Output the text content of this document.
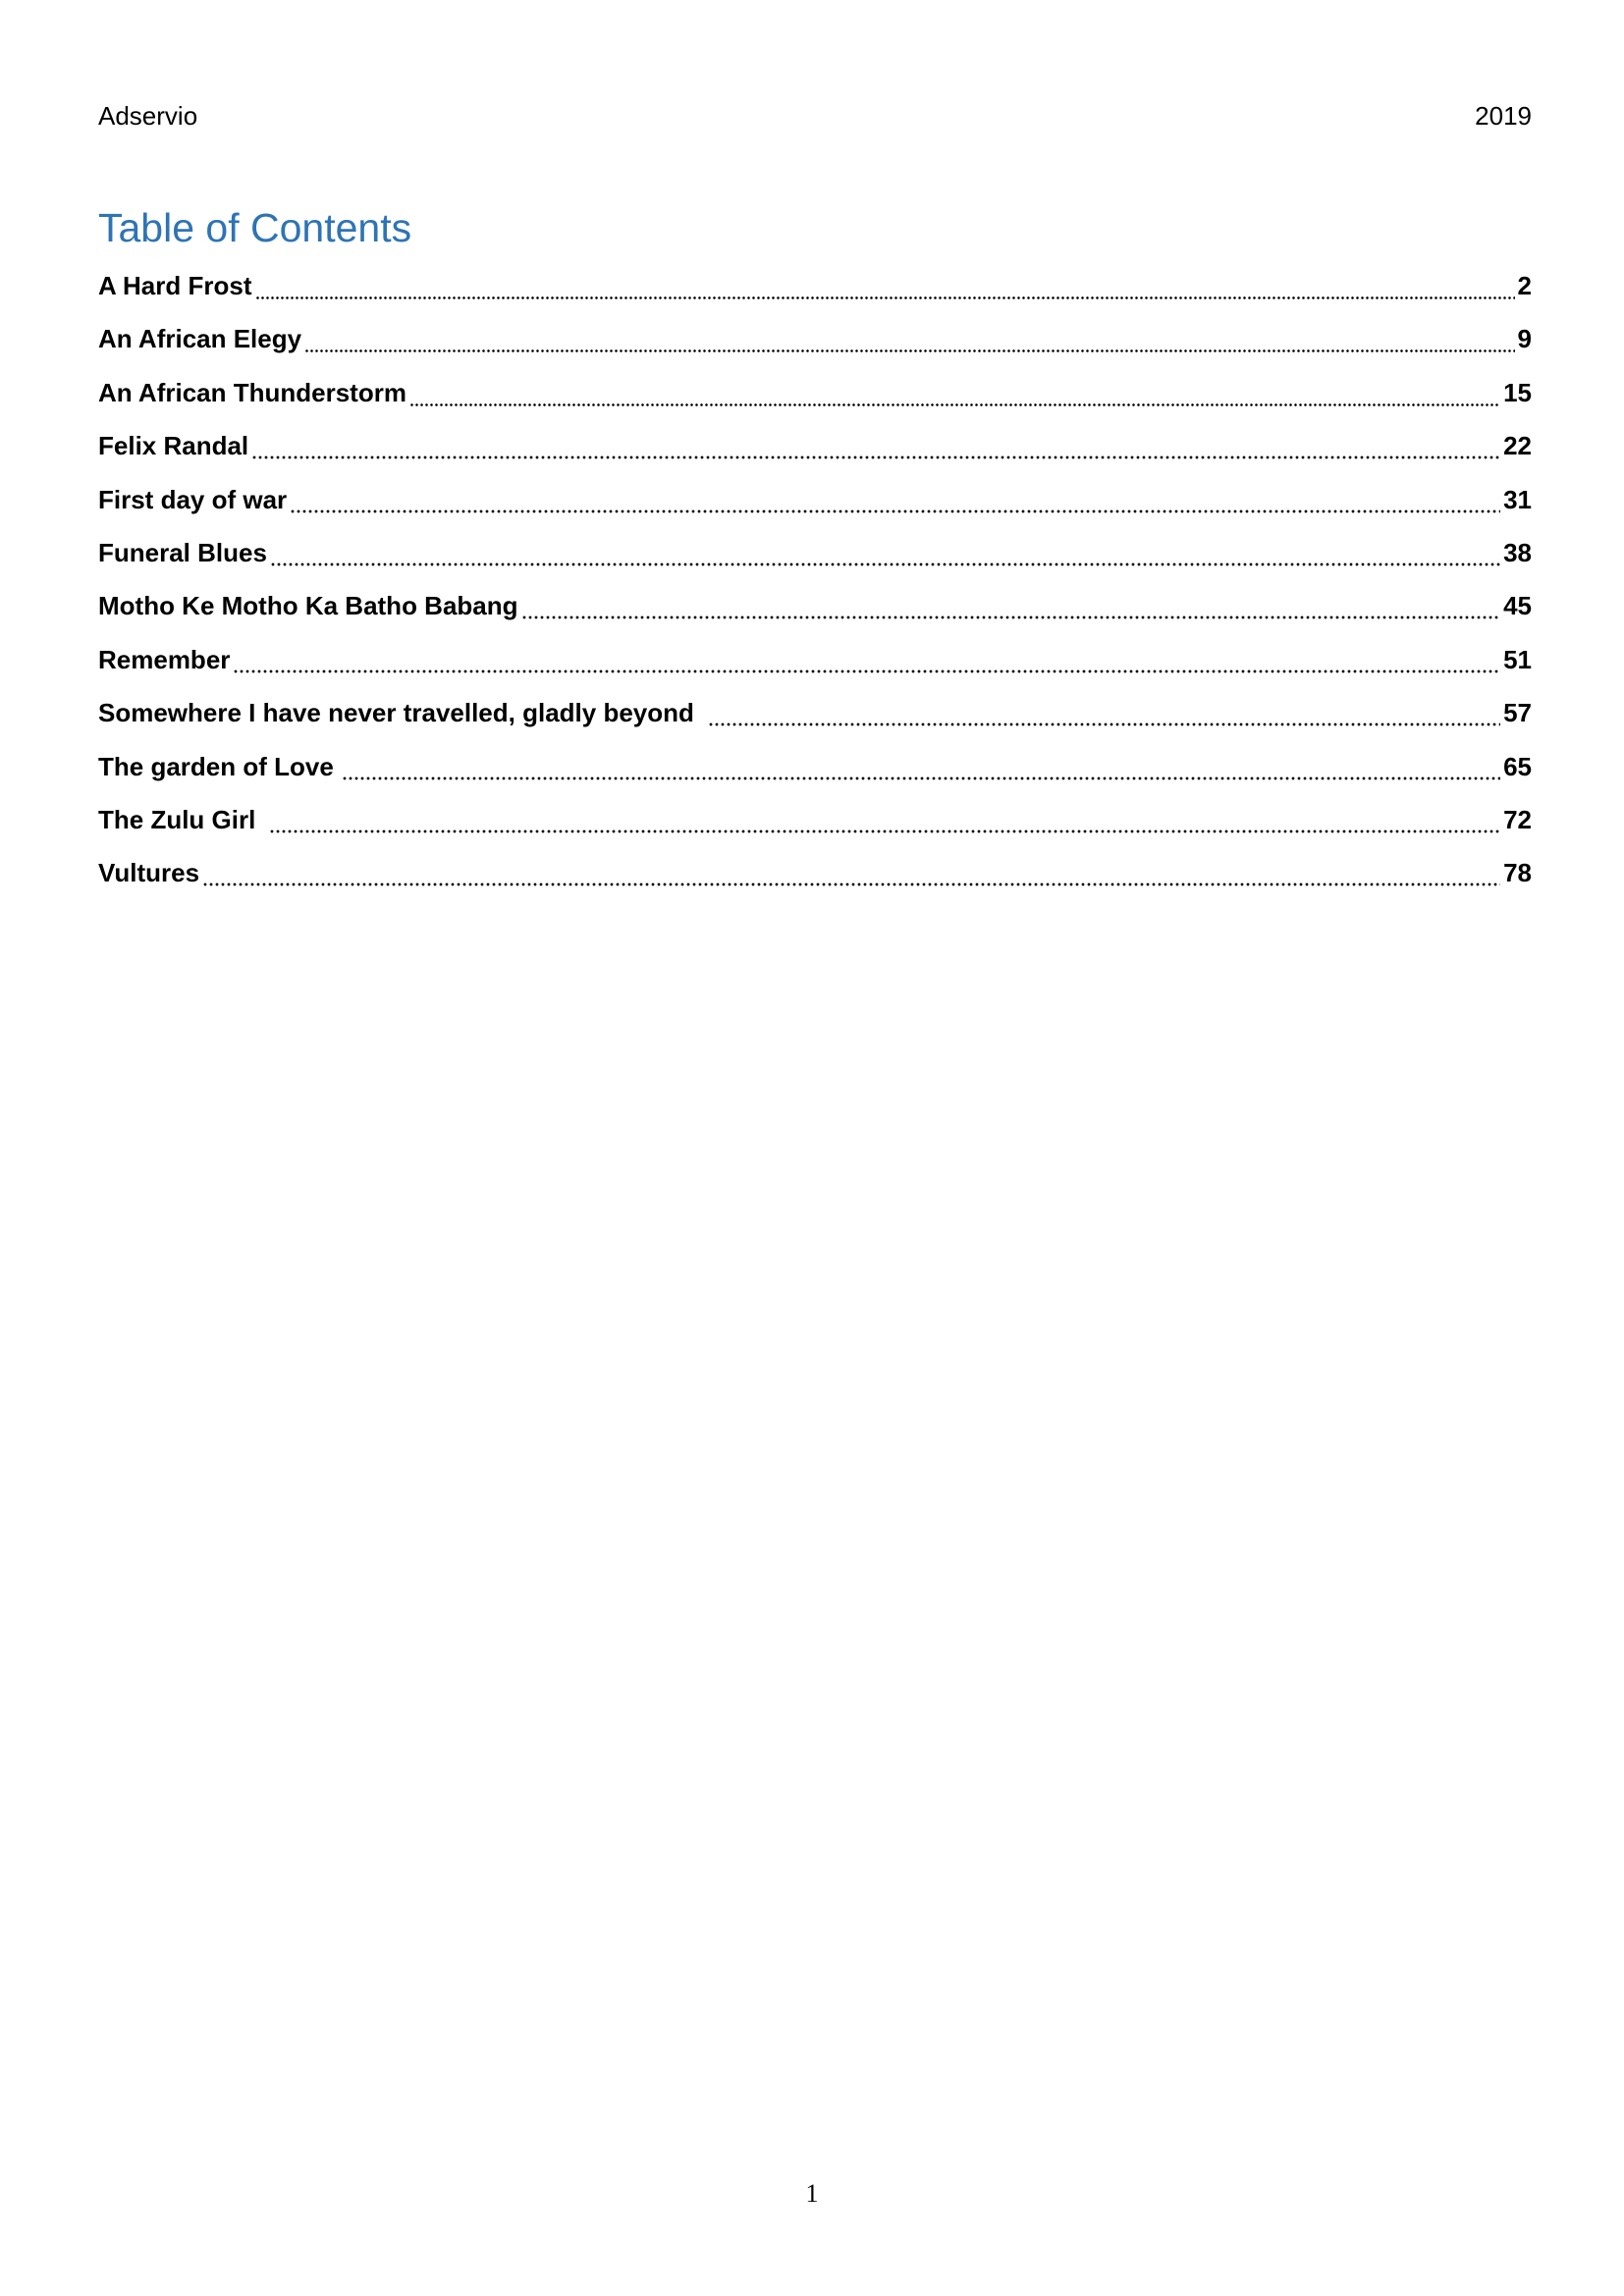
Adservio	2019
Table of Contents
A Hard Frost	2
An African Elegy	9
An African Thunderstorm	15
Felix Randal	22
First day of war	31
Funeral Blues	38
Motho Ke Motho Ka Batho Babang	45
Remember	51
Somewhere I have never travelled, gladly beyond	57
The garden of Love	65
The Zulu Girl	72
Vultures	78
1
